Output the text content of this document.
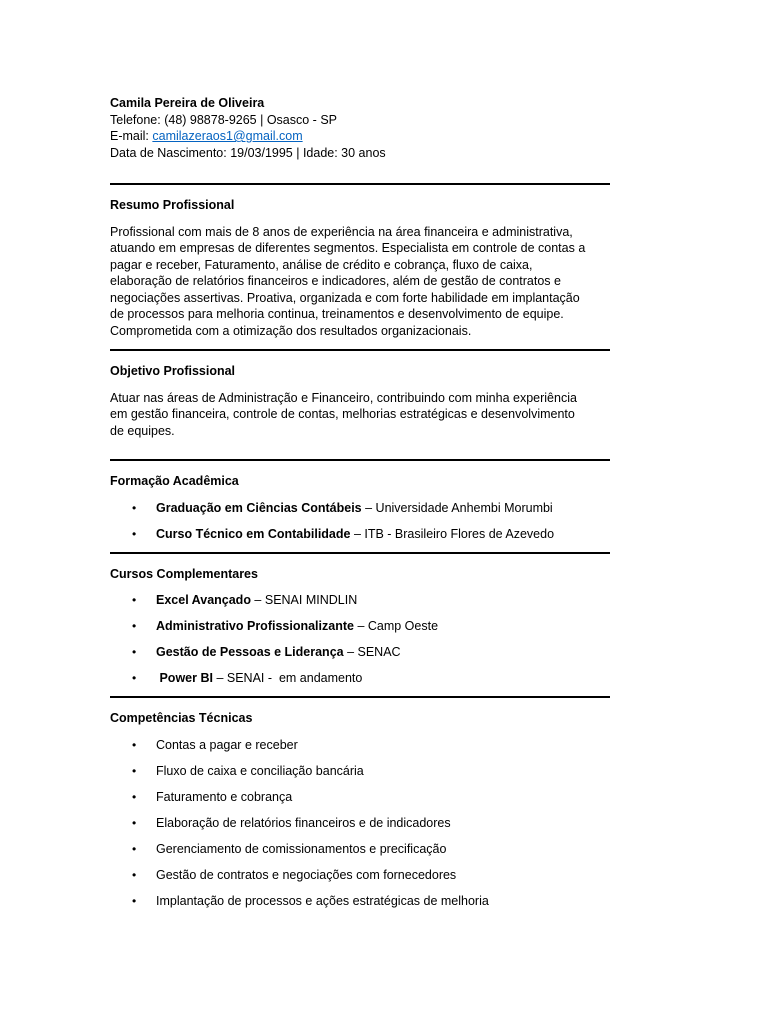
Camila Pereira de Oliveira

Telefone: (48) 98878-9265 | Osasco - SP

E-mail: camilazeraos1@gmail.com

Data de Nascimento: 19/03/1995 | Idade: 30 anos

Resumo Profissional

Profissional com mais de 8 anos de experiência na área financeira e administrativa,

atuando em empresas de diferentes segmentos. Especialista em controle de contas a

pagar e receber, Faturamento, análise de crédito e cobrança, fluxo de caixa,

elaboração de relatórios financeiros e indicadores, além de gestão de contratos e

negociações assertivas. Proativa, organizada e com forte habilidade em implantação

de processos para melhoria continua, treinamentos e desenvolvimento de equipe.

Comprometida com a otimização dos resultados organizacionais.

Objetivo Profissional

Atuar nas áreas de Administração e Financeiro, contribuindo com minha experiência

em gestão financeira, controle de contas, melhorias estratégicas e desenvolvimento

de equipes.

Formação Acadêmica

• Graduação em Ciências Contábeis – Universidade Anhembi Morumbi
• Curso Técnico em Contabilidade – ITB - Brasileiro Flores de Azevedo

Cursos Complementares

• Excel Avançado – SENAI MINDLIN
• Administrativo Profissionalizante – Camp Oeste
• Gestão de Pessoas e Liderança – SENAC
• Power BI – SENAI -  em andamento

Competências Técnicas

• Contas a pagar e receber
• Fluxo de caixa e conciliação bancária
• Faturamento e cobrança
• Elaboração de relatórios financeiros e de indicadores
• Gerenciamento de comissionamentos e precificação
• Gestão de contratos e negociações com fornecedores
• Implantação de processos e ações estratégicas de melhoria
